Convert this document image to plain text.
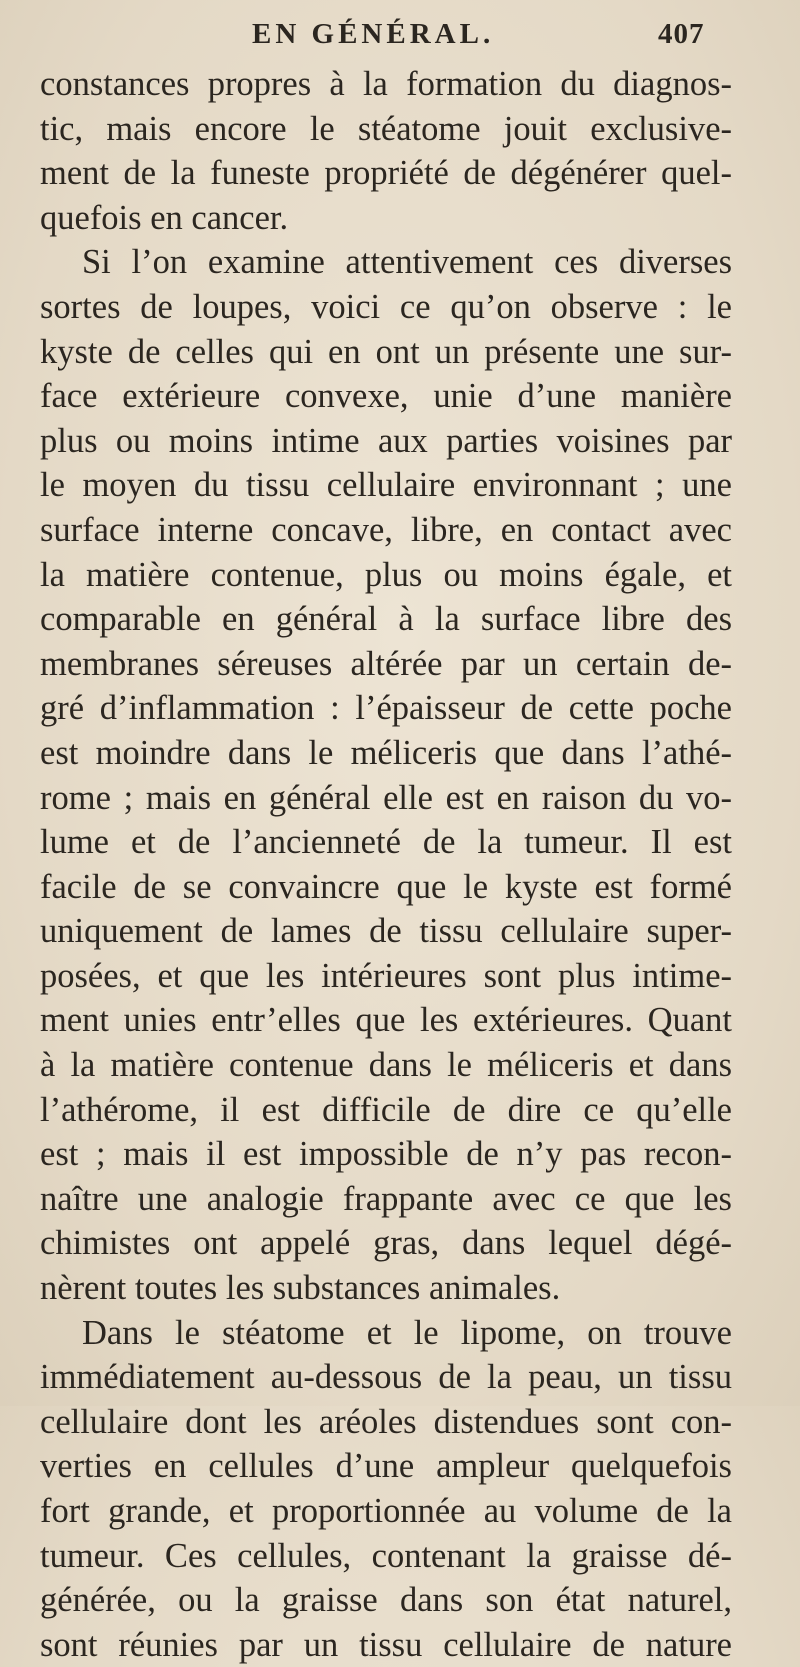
EN GÉNÉRAL.	407
constances propres à la formation du diagnos-
tic, mais encore le stéatome jouit exclusive-
ment de la funeste propriété de dégénérer quel-
quefois en cancer.
Si l’on examine attentivement ces diverses
sortes de loupes, voici ce qu’on observe : le
kyste de celles qui en ont un présente une sur-
face extérieure convexe, unie d’une manière
plus ou moins intime aux parties voisines par
le moyen du tissu cellulaire environnant ; une
surface interne concave, libre, en contact avec
la matière contenue, plus ou moins égale, et
comparable en général à la surface libre des
membranes séreuses altérée par un certain de-
gré d’inflammation : l’épaisseur de cette poche
est moindre dans le méliceris que dans l’athé-
rome ; mais en général elle est en raison du vo-
lume et de l’ancienneté de la tumeur. Il est
facile de se convaincre que le kyste est formé
uniquement de lames de tissu cellulaire super-
posées, et que les intérieures sont plus intime-
ment unies entr’elles que les extérieures. Quant
à la matière contenue dans le méliceris et dans
l’athérome, il est difficile de dire ce qu’elle
est ; mais il est impossible de n’y pas recon-
naître une analogie frappante avec ce que les
chimistes ont appelé gras, dans lequel dégé-
nèrent toutes les substances animales.
Dans le stéatome et le lipome, on trouve
immédiatement au-dessous de la peau, un tissu
cellulaire dont les aréoles distendues sont con-
verties en cellules d’une ampleur quelquefois
fort grande, et proportionnée au volume de la
tumeur. Ces cellules, contenant la graisse dé-
générée, ou la graisse dans son état naturel,
sont réunies par un tissu cellulaire de nature
